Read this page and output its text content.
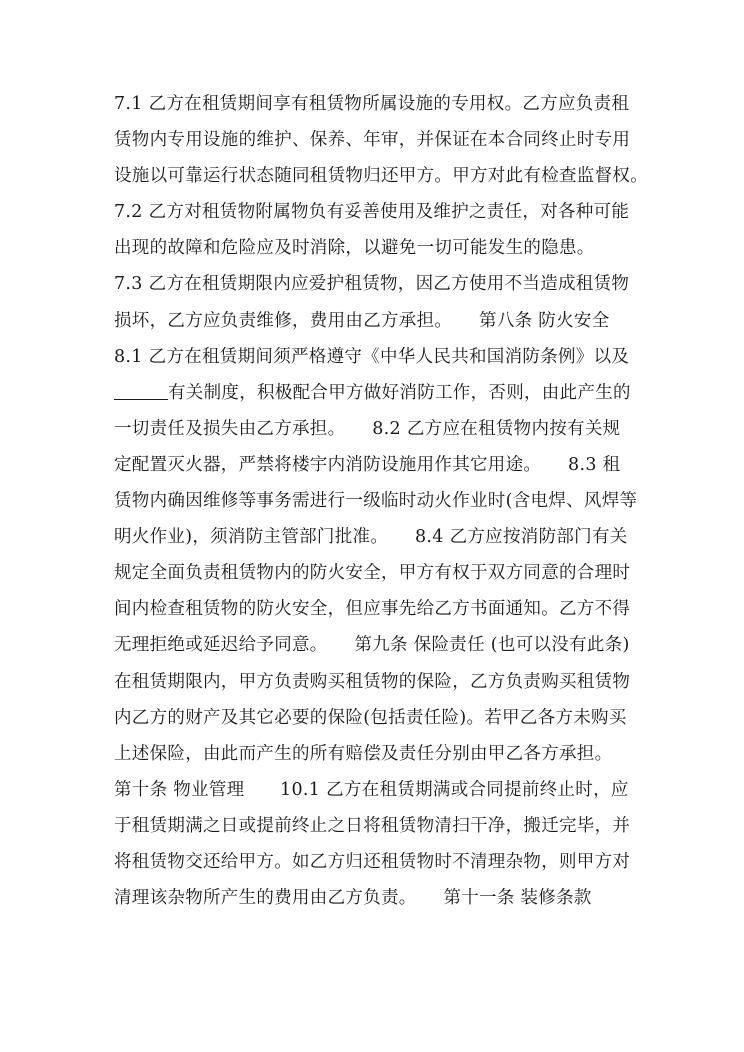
7.1 乙方在租赁期间享有租赁物所属设施的专用权。乙方应负责租
赁物内专用设施的维护、保养、年审，并保证在本合同终止时专用
设施以可靠运行状态随同租赁物归还甲方。甲方对此有检查监督权。
7.2 乙方对租赁物附属物负有妥善使用及维护之责任，对各种可能
出现的故障和危险应及时消除，以避免一切可能发生的隐患。
7.3 乙方在租赁期限内应爱护租赁物，因乙方使用不当造成租赁物
损坏，乙方应负责维修，费用由乙方承担。　　第八条 防火安全
8.1 乙方在租赁期间须严格遵守《中华人民共和国消防条例》以及
有关制度，积极配合甲方做好消防工作，否则，由此产生的
一切责任及损失由乙方承担。　　8.2 乙方应在租赁物内按有关规
定配置灭火器，严禁将楼宇内消防设施用作其它用途。　　8.3 租
赁物内确因维修等事务需进行一级临时动火作业时(含电焊、风焊等
明火作业)，须消防主管部门批准。　　8.4 乙方应按消防部门有关
规定全面负责租赁物内的防火安全，甲方有权于双方同意的合理时
间内检查租赁物的防火安全，但应事先给乙方书面通知。乙方不得
无理拒绝或延迟给予同意。　　第九条 保险责任 (也可以没有此条)
在租赁期限内，甲方负责购买租赁物的保险，乙方负责购买租赁物
内乙方的财产及其它必要的保险(包括责任险)。若甲乙各方未购买
上述保险，由此而产生的所有赔偿及责任分别由甲乙各方承担。
第十条 物业管理　　10.1 乙方在租赁期满或合同提前终止时，应
于租赁期满之日或提前终止之日将租赁物清扫干净，搬迁完毕，并
将租赁物交还给甲方。如乙方归还租赁物时不清理杂物，则甲方对
清理该杂物所产生的费用由乙方负责。　　第十一条 装修条款
